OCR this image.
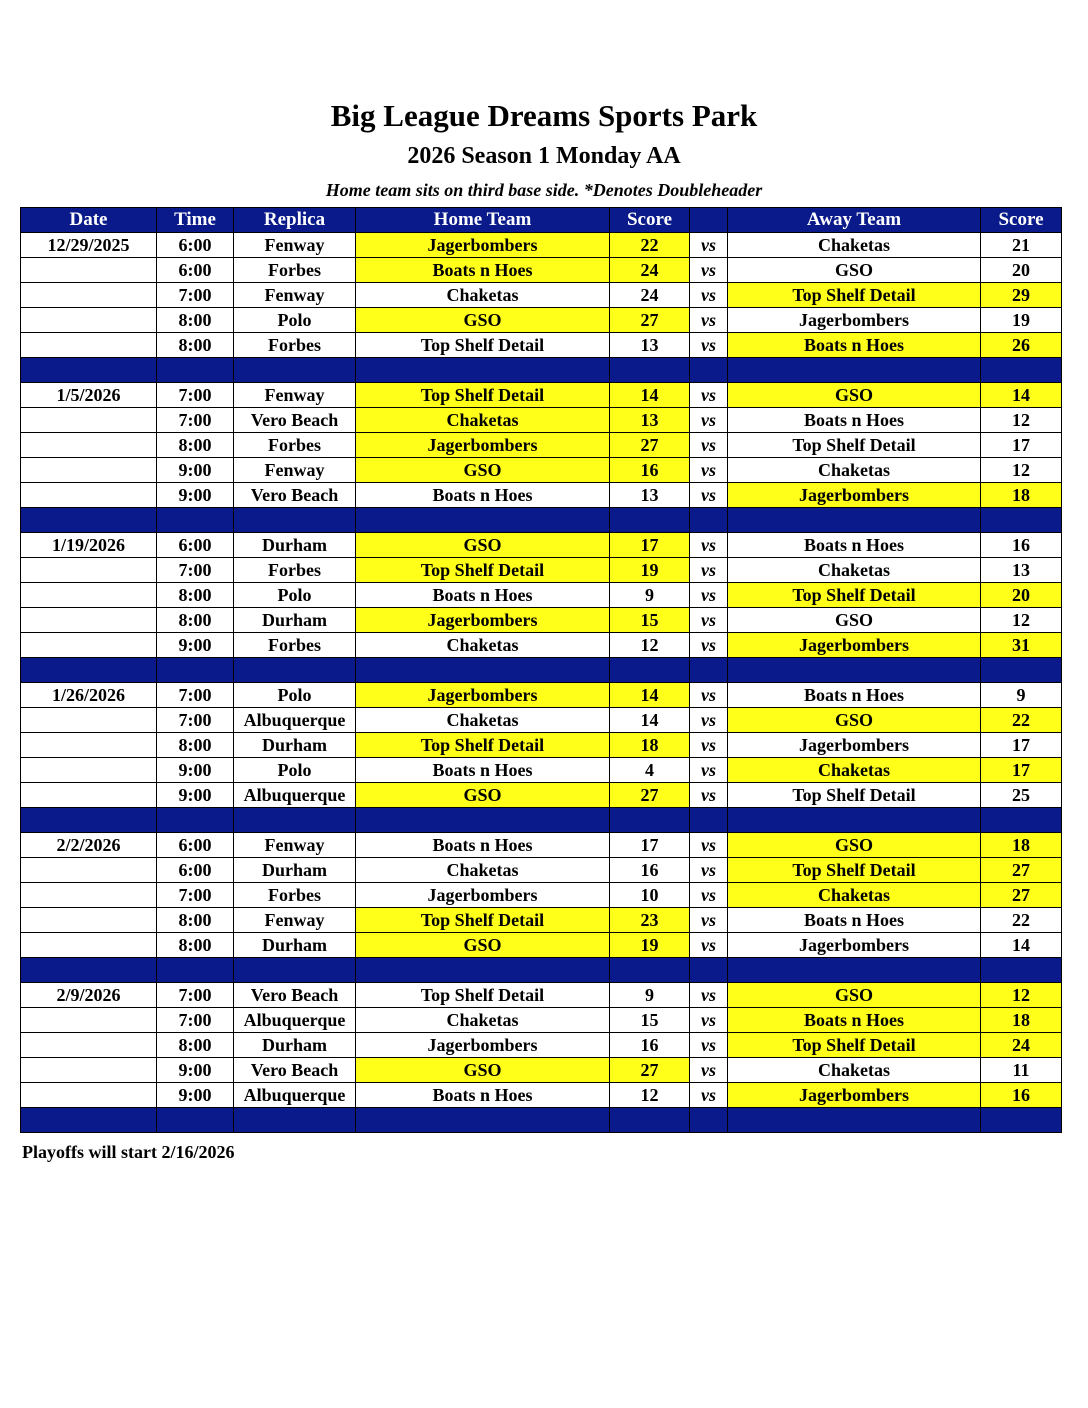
Big League Dreams Sports Park
2026 Season 1 Monday AA
Home team sits on third base side. *Denotes Doubleheader
Date	Time	Replica	Home Team	Score		Away Team	Score
12/29/2025	6:00	Fenway	Jagerbombers	22	vs	Chaketas	21
	6:00	Forbes	Boats n Hoes	24	vs	GSO	20
	7:00	Fenway	Chaketas	24	vs	Top Shelf Detail	29
	8:00	Polo	GSO	27	vs	Jagerbombers	19
	8:00	Forbes	Top Shelf Detail	13	vs	Boats n Hoes	26

1/5/2026	7:00	Fenway	Top Shelf Detail	14	vs	GSO	14
	7:00	Vero Beach	Chaketas	13	vs	Boats n Hoes	12
	8:00	Forbes	Jagerbombers	27	vs	Top Shelf Detail	17
	9:00	Fenway	GSO	16	vs	Chaketas	12
	9:00	Vero Beach	Boats n Hoes	13	vs	Jagerbombers	18

1/19/2026	6:00	Durham	GSO	17	vs	Boats n Hoes	16
	7:00	Forbes	Top Shelf Detail	19	vs	Chaketas	13
	8:00	Polo	Boats n Hoes	9	vs	Top Shelf Detail	20
	8:00	Durham	Jagerbombers	15	vs	GSO	12
	9:00	Forbes	Chaketas	12	vs	Jagerbombers	31

1/26/2026	7:00	Polo	Jagerbombers	14	vs	Boats n Hoes	9
	7:00	Albuquerque	Chaketas	14	vs	GSO	22
	8:00	Durham	Top Shelf Detail	18	vs	Jagerbombers	17
	9:00	Polo	Boats n Hoes	4	vs	Chaketas	17
	9:00	Albuquerque	GSO	27	vs	Top Shelf Detail	25

2/2/2026	6:00	Fenway	Boats n Hoes	17	vs	GSO	18
	6:00	Durham	Chaketas	16	vs	Top Shelf Detail	27
	7:00	Forbes	Jagerbombers	10	vs	Chaketas	27
	8:00	Fenway	Top Shelf Detail	23	vs	Boats n Hoes	22
	8:00	Durham	GSO	19	vs	Jagerbombers	14

2/9/2026	7:00	Vero Beach	Top Shelf Detail	9	vs	GSO	12
	7:00	Albuquerque	Chaketas	15	vs	Boats n Hoes	18
	8:00	Durham	Jagerbombers	16	vs	Top Shelf Detail	24
	9:00	Vero Beach	GSO	27	vs	Chaketas	11
	9:00	Albuquerque	Boats n Hoes	12	vs	Jagerbombers	16

Playoffs will start 2/16/2026
